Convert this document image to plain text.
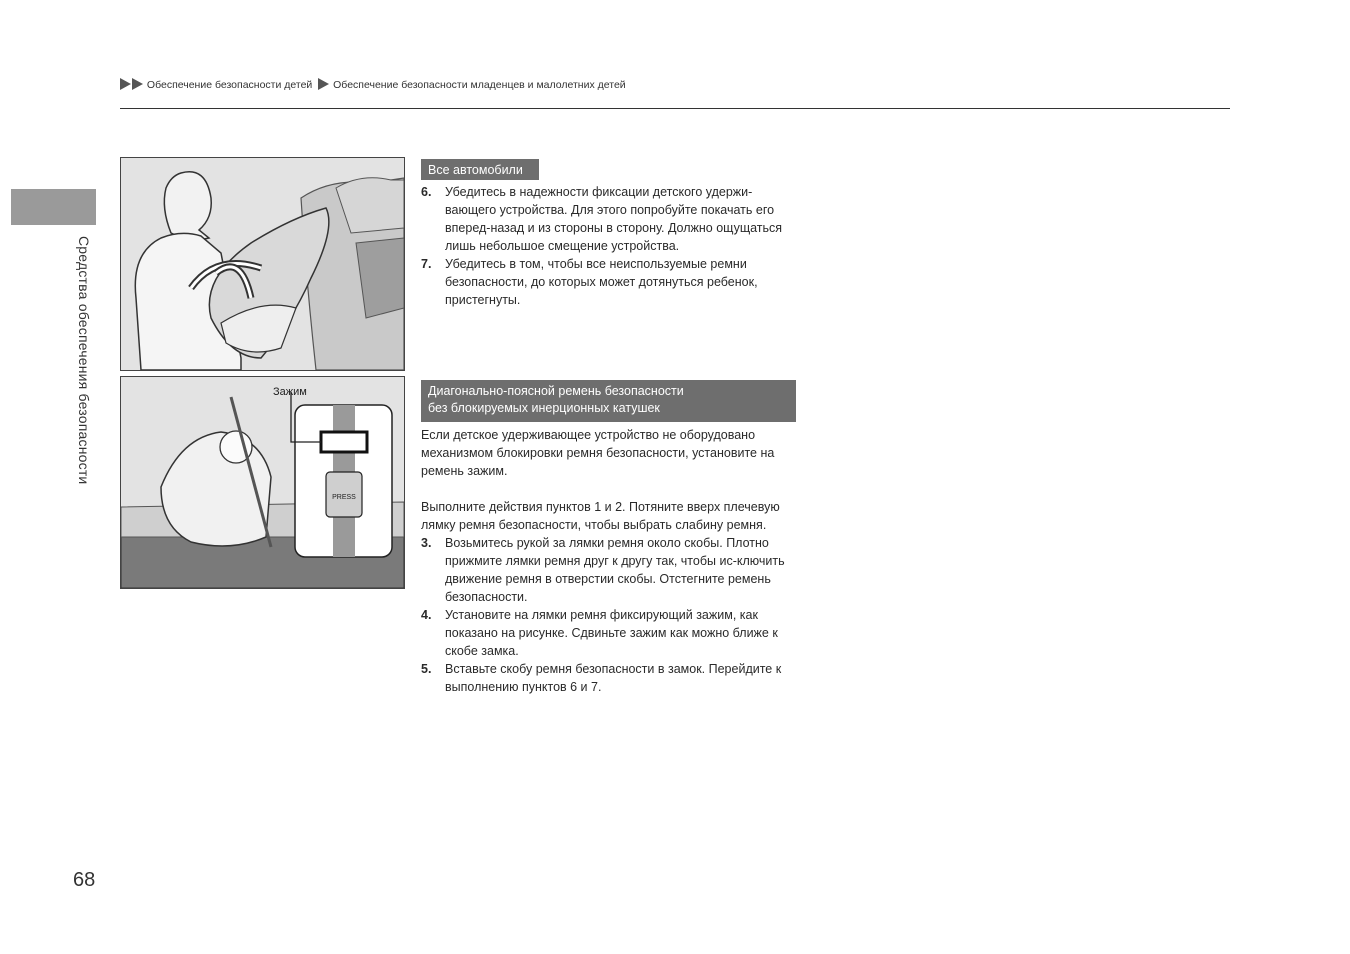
Обеспечение безопасности детей Обеспечение безопасности младенцев и малолетних детей
Средства обеспечения безопасности
68
PRESS
Зажим
Все автомобили
6. Убедитесь в надежности фиксации детского удержи-вающего устройства. Для этого попробуйте покачать его вперед-назад и из стороны в сторону. Должно ощущаться лишь небольшое смещение устройства.
7. Убедитесь в том, чтобы все неиспользуемые ремни безопасности, до которых может дотянуться ребенок, пристегнуты.
Диагонально-поясной ремень безопасности
без блокируемых инерционных катушек

Если детское удерживающее устройство не оборудовано механизмом блокировки ремня безопасности, установите на ремень зажим.

Выполните действия пунктов 1 и 2. Потяните вверх плечевую лямку ремня безопасности, чтобы выбрать слабину ремня.

3. Возьмитесь рукой за лямки ремня около скобы. Плотно прижмите лямки ремня друг к другу так, чтобы ис-ключить движение ремня в отверстии скобы. Отстегните ремень безопасности.
4. Установите на лямки ремня фиксирующий зажим, как показано на рисунке. Сдвиньте зажим как можно ближе к скобе замка.
5. Вставьте скобу ремня безопасности в замок. Перейдите к выполнению пунктов 6 и 7.
